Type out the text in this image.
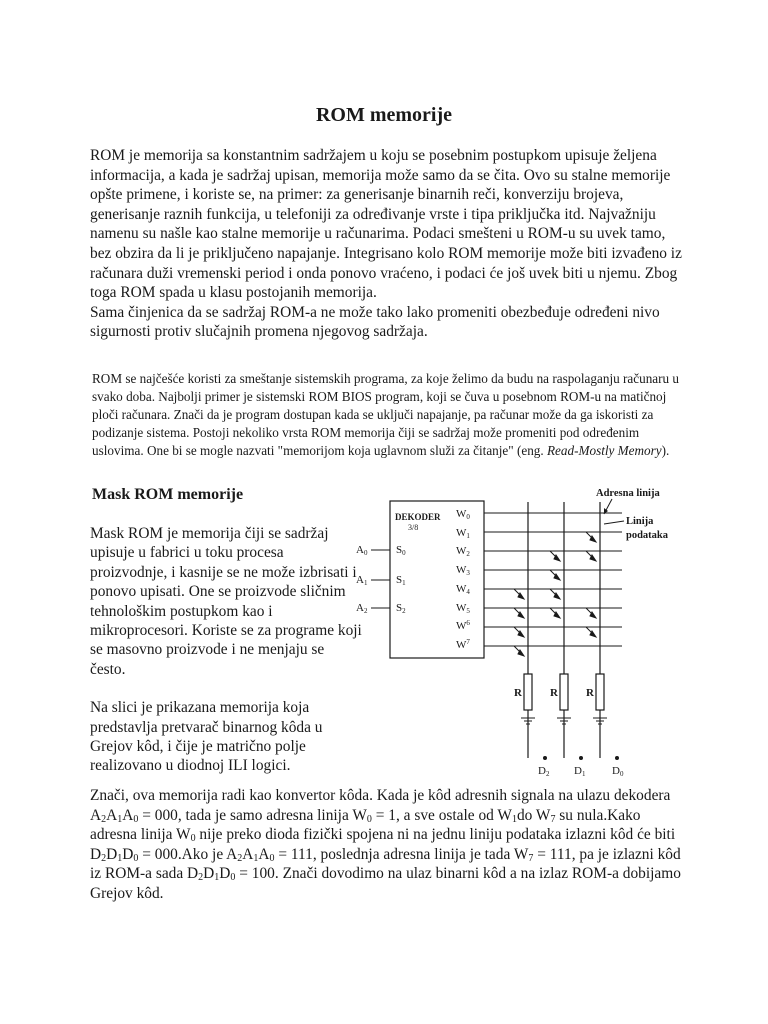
ROM memorije
ROM je memorija sa konstantnim sadržajem u koju se posebnim postupkom upisuje željena informacija, a kada je sadržaj upisan, memorija može samo da se čita. Ovo su stalne memorije opšte primene, i koriste se, na primer: za generisanje binarnih reči, konverziju brojeva, generisanje raznih funkcija, u telefoniji za određivanje vrste i tipa priključka itd. Najvažniju namenu su našle kao stalne memorije u računarima. Podaci smešteni u ROM-u su uvek tamo, bez obzira da li je priključeno napajanje. Integrisano kolo ROM memorije može biti izvađeno iz računara duži vremenski period i onda ponovo vraćeno, i podaci će još uvek biti u njemu. Zbog toga ROM spada u klasu postojanih memorija.
Sama činjenica da se sadržaj ROM-a ne može tako lako promeniti obezbeđuje određeni nivo sigurnosti protiv slučajnih promena njegovog sadržaja.
ROM se najčešće koristi za smeštanje sistemskih programa, za koje želimo da budu na raspolaganju računaru u svako doba. Najbolji primer je sistemski ROM BIOS program, koji se čuva u posebnom ROM-u na matičnoj ploči računara. Znači da je program dostupan kada se uključi napajanje, pa računar može da ga iskoristi za podizanje sistema. Postoji nekoliko vrsta ROM memorija čiji se sadržaj može promeniti pod određenim uslovima. One bi se mogle nazvati "memorijom koja uglavnom služi za čitanje" (eng. Read-Mostly Memory).
Mask ROM memorije

Mask ROM je memorija čiji se sadržaj upisuje u fabrici u toku procesa proizvodnje, i kasnije se ne može izbrisati i ponovo upisati. One se proizvode sličnim tehnološkim postupkom kao i mikroprocesori. Koriste se za programe koji se masovno proizvode i ne menjaju se često.

Na slici je prikazana memorija koja predstavlja pretvarač binarnog kôda u Grejov kôd, i čije je matrično polje realizovano u diodnoj ILI logici.

Znači, ova memorija radi kao konvertor kôda. Kada je kôd adresnih signala na ulazu dekodera $A_2A_1A_0 = 000$, tada je samo adresna linija $W_0 = 1$, a sve ostale od $W_1do$ $W_7$ su nula.Kako adresna linija $W_0$ nije preko dioda fizički spojena ni na jednu liniju podataka izlazni kôd će biti $D_2D_1D_0 = 000.Ako$ je $A_2A_1A_0 = 111$, poslednja adresna linija je tada $W_7 = 111$, pa je izlazni kôd iz ROM-a sada $D_2D_1D_0 = 100$. Znači dovodimo na ulaz binarni kôd a na izlaz ROM-a dobijamo Grejov kôd.
DEKODER
3/8
A0
A1
A2
S0
S1
S2
W0
W1
W2
W3
W4
W5
$W^6$
$W^7$
R	R	R
D2 D1 D0
Adresna linija
Linija
podataka
